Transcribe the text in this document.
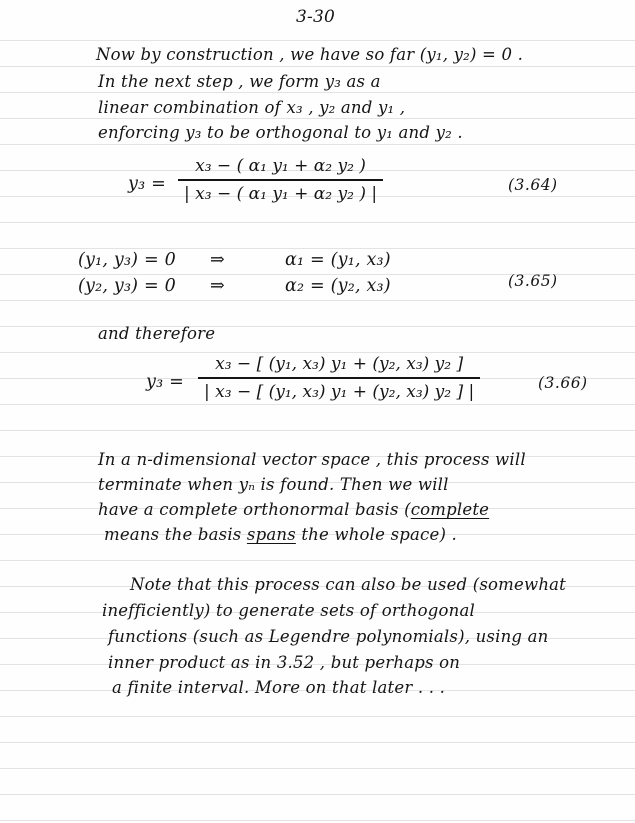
3-30
Now by construction , we have so far (y₁, y₂) = 0 .
In the next step , we form y₃ as a
linear combination of x₃ , y₂ and y₁ ,
enforcing y₃ to be orthogonal to y₁ and y₂ .
y₃ =
x₃ − ( α₁ y₁ + α₂ y₂ )
| x₃ − ( α₁ y₁ + α₂ y₂ ) |	(3.64)
(y₁, y₃) = 0 ⇒	α₁ = (y₁, x₃)
(y₂, y₃) = 0 ⇒	α₂ = (y₂, x₃)	(3.65)
and therefore
y₃ =
x₃ − [ (y₁, x₃) y₁ + (y₂, x₃) y₂ ]
| x₃ − [ (y₁, x₃) y₁ + (y₂, x₃) y₂ ] |	(3.66)
In a n-dimensional vector space , this process will
terminate when yₙ is found. Then we will
have a complete orthonormal basis (complete
means the basis spans the whole space) .
Note that this process can also be used (somewhat
inefficiently) to generate sets of orthogonal
functions (such as Legendre polynomials), using an
inner product as in 3.52 , but perhaps on
a finite interval. More on that later . . .
